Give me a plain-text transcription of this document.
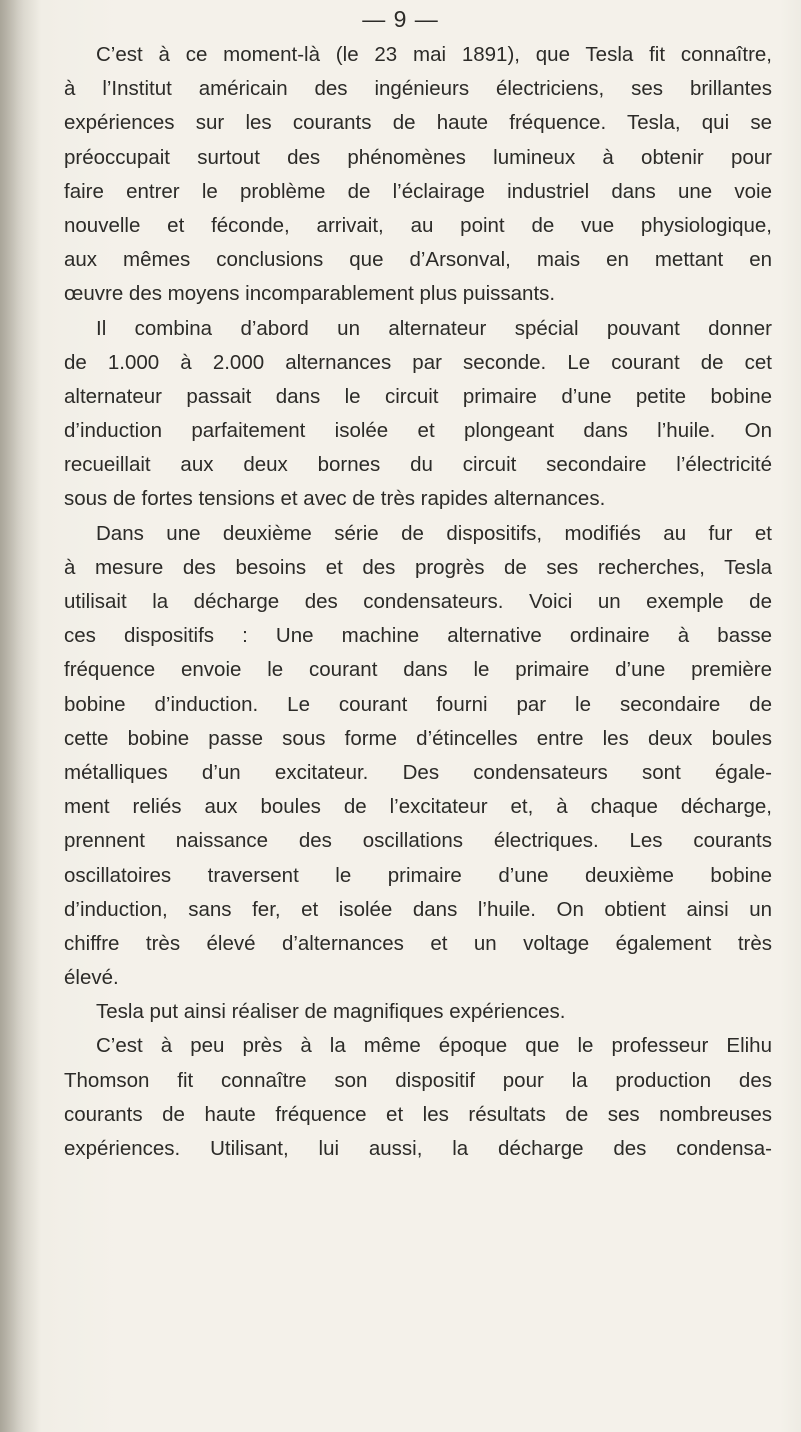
— 9 —
C’est à ce moment-là (le 23 mai 1891), que Tesla fit connaître,
à l’Institut américain des ingénieurs électriciens, ses brillantes
expériences sur les courants de haute fréquence. Tesla, qui se
préoccupait surtout des phénomènes lumineux à obtenir pour
faire entrer le problème de l’éclairage industriel dans une voie
nouvelle et féconde, arrivait, au point de vue physiologique,
aux mêmes conclusions que d’Arsonval, mais en mettant en
œuvre des moyens incomparablement plus puissants.
Il combina d’abord un alternateur spécial pouvant donner
de 1.000 à 2.000 alternances par seconde. Le courant de cet
alternateur passait dans le circuit primaire d’une petite bobine
d’induction parfaitement isolée et plongeant dans l’huile. On
recueillait aux deux bornes du circuit secondaire l’électricité
sous de fortes tensions et avec de très rapides alternances.
Dans une deuxième série de dispositifs, modifiés au fur et
à mesure des besoins et des progrès de ses recherches, Tesla
utilisait la décharge des condensateurs. Voici un exemple de
ces dispositifs : Une machine alternative ordinaire à basse
fréquence envoie le courant dans le primaire d’une première
bobine d’induction. Le courant fourni par le secondaire de
cette bobine passe sous forme d’étincelles entre les deux boules
métalliques d’un excitateur. Des condensateurs sont égale-
ment reliés aux boules de l’excitateur et, à chaque décharge,
prennent naissance des oscillations électriques. Les courants
oscillatoires traversent le primaire d’une deuxième bobine
d’induction, sans fer, et isolée dans l’huile. On obtient ainsi un
chiffre très élevé d’alternances et un voltage également très
élevé.
Tesla put ainsi réaliser de magnifiques expériences.
C’est à peu près à la même époque que le professeur Elihu
Thomson fit connaître son dispositif pour la production des
courants de haute fréquence et les résultats de ses nombreuses
expériences. Utilisant, lui aussi, la décharge des condensa-
